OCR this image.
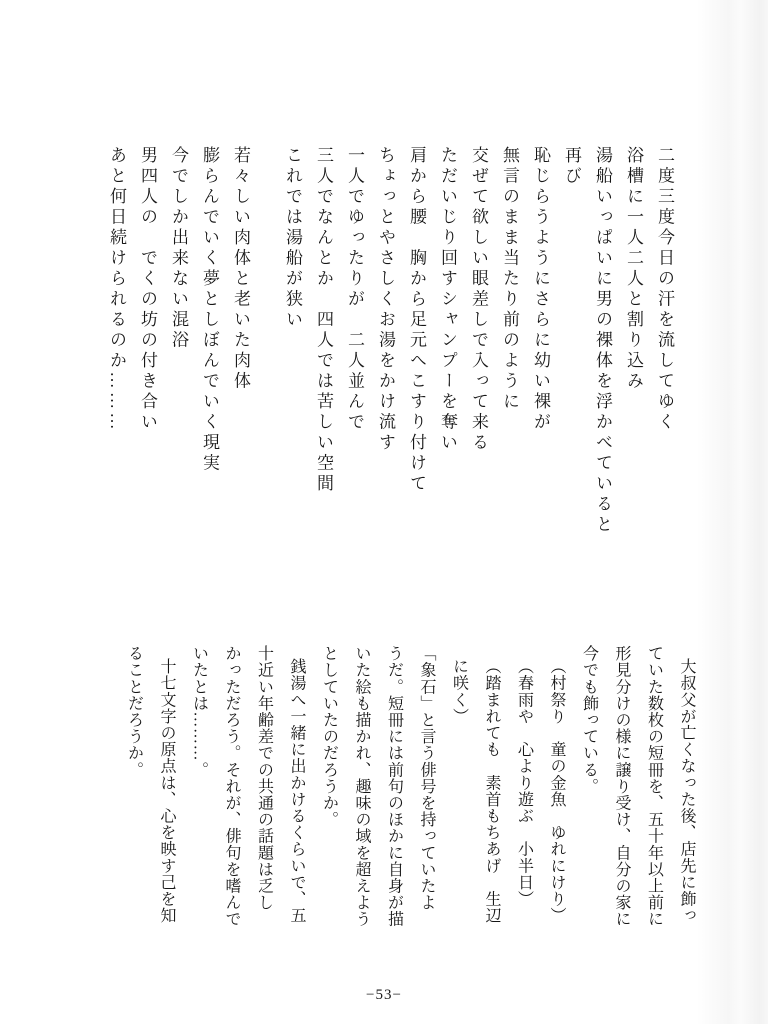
二度三度今日の汗を流してゆく

浴槽に一人二人と割り込み

湯船いっぱいに男の裸体を浮かべていると

再び

恥じらうようにさらに幼い裸が

無言のまま当たり前のように

交ぜて欲しい眼差しで入って来る

ただいじり回すシャンプーを奪い

肩から腰　胸から足元へこすり付けて

ちょっとやさしくお湯をかけ流す

一人でゆったりが　二人並んで

三人でなんとか　四人では苦しい空間

これでは湯船が狭い

若々しい肉体と老いた肉体

膨らんでいく夢としぼんでいく現実

今でしか出来ない混浴

男四人の　でくの坊の付き合い

あと何日続けられるのか………

大叔父が亡くなった後、店先に飾っ

ていた数枚の短冊を、五十年以上前に

形見分けの様に譲り受け、自分の家に

今でも飾っている。

（村祭り　童の金魚　ゆれにけり）

（春雨や　心より遊ぶ　小半日）

（踏まれても　素首もちあげ　生辺

に咲く）

「象石」と言う俳号を持っていたよ

うだ。短冊には前句のほかに自身が描

いた絵も描かれ、趣味の域を超えよう

としていたのだろうか。

銭湯へ一緒に出かけるくらいで、五

十近い年齢差での共通の話題は乏し

かっただろう。それが、俳句を嗜んで

いたとは………。

十七文字の原点は、心を映す己を知

ることだろうか。

−53−
